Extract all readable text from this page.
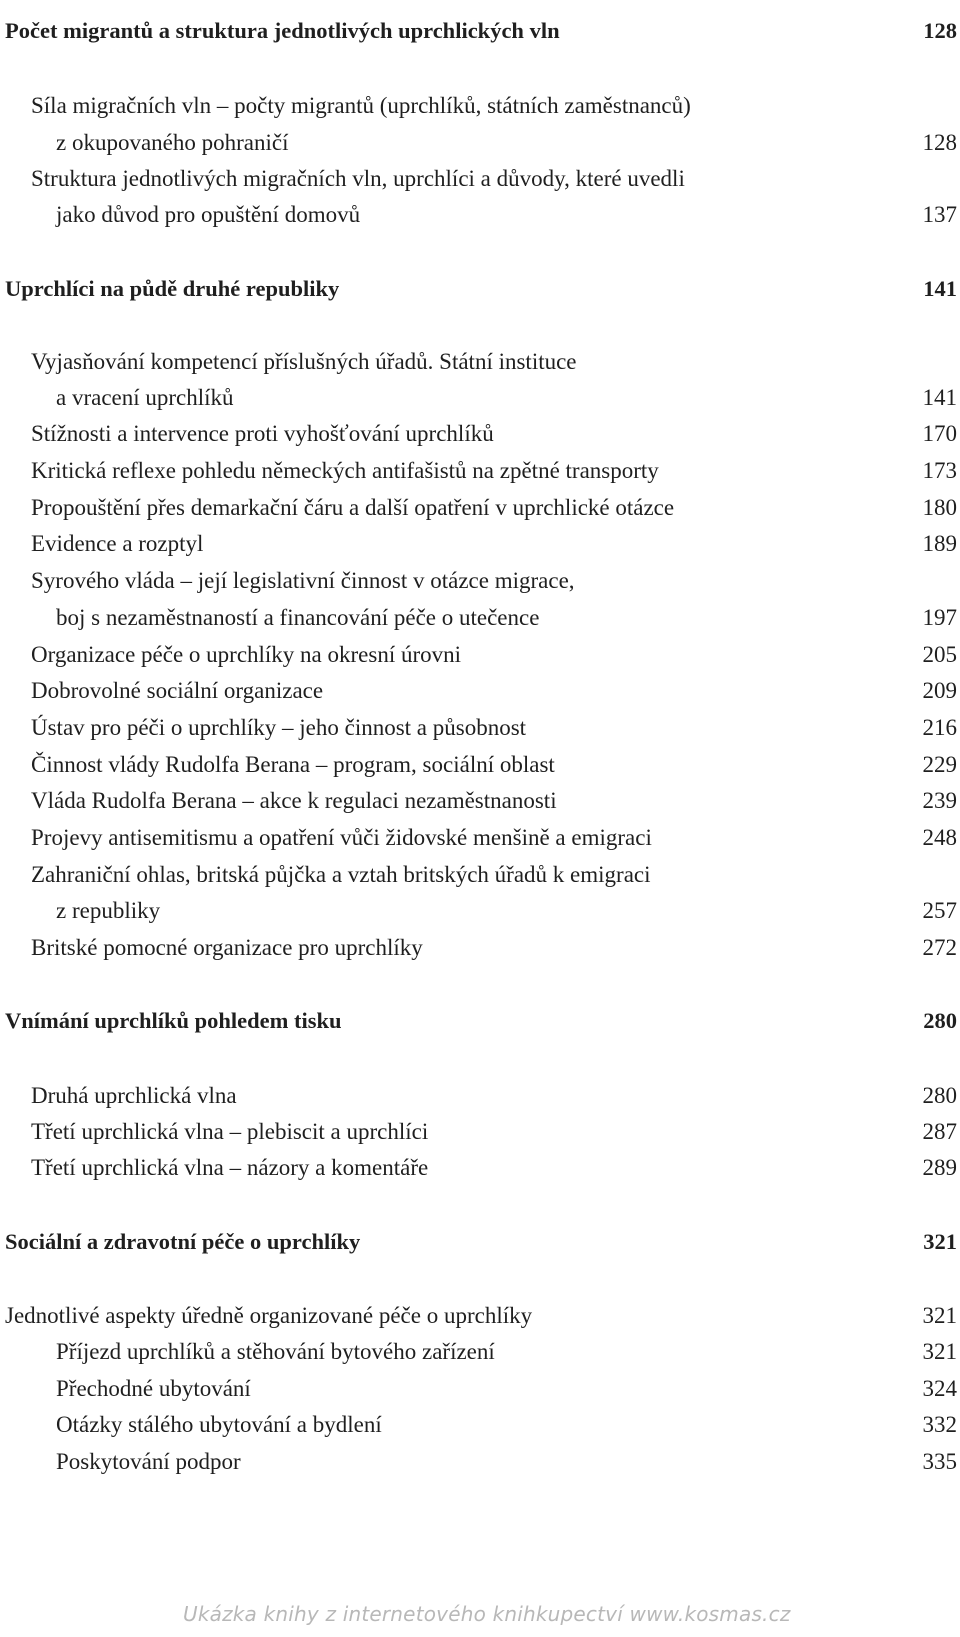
Počet migrantů a struktura jednotlivých uprchlických vln	128
Síla migračních vln – počty migrantů (uprchlíků, státních zaměstnanců)
z okupovaného pohraničí	128
Struktura jednotlivých migračních vln, uprchlíci a důvody, které uvedli
jako důvod pro opuštění domovů	137
Uprchlíci na půdě druhé republiky	141
Vyjasňování kompetencí příslušných úřadů. Státní instituce
a vracení uprchlíků	141
Stížnosti a intervence proti vyhošťování uprchlíků	170
Kritická reflexe pohledu německých antifašistů na zpětné transporty	173
Propouštění přes demarkační čáru a další opatření v uprchlické otázce	180
Evidence a rozptyl	189
Syrového vláda – její legislativní činnost v otázce migrace,
boj s nezaměstnaností a financování péče o utečence	197
Organizace péče o uprchlíky na okresní úrovni	205
Dobrovolné sociální organizace	209
Ústav pro péči o uprchlíky – jeho činnost a působnost	216
Činnost vlády Rudolfa Berana – program, sociální oblast	229
Vláda Rudolfa Berana – akce k regulaci nezaměstnanosti	239
Projevy antisemitismu a opatření vůči židovské menšině a emigraci	248
Zahraniční ohlas, britská půjčka a vztah britských úřadů k emigraci
z republiky	257
Britské pomocné organizace pro uprchlíky	272
Vnímání uprchlíků pohledem tisku	280
Druhá uprchlická vlna	280
Třetí uprchlická vlna – plebiscit a uprchlíci	287
Třetí uprchlická vlna – názory a komentáře	289
Sociální a zdravotní péče o uprchlíky	321
Jednotlivé aspekty úředně organizované péče o uprchlíky	321
Příjezd uprchlíků a stěhování bytového zařízení	321
Přechodné ubytování	324
Otázky stálého ubytování a bydlení	332
Poskytování podpor	335
Ukázka knihy z internetového knihkupectví www.kosmas.cz
